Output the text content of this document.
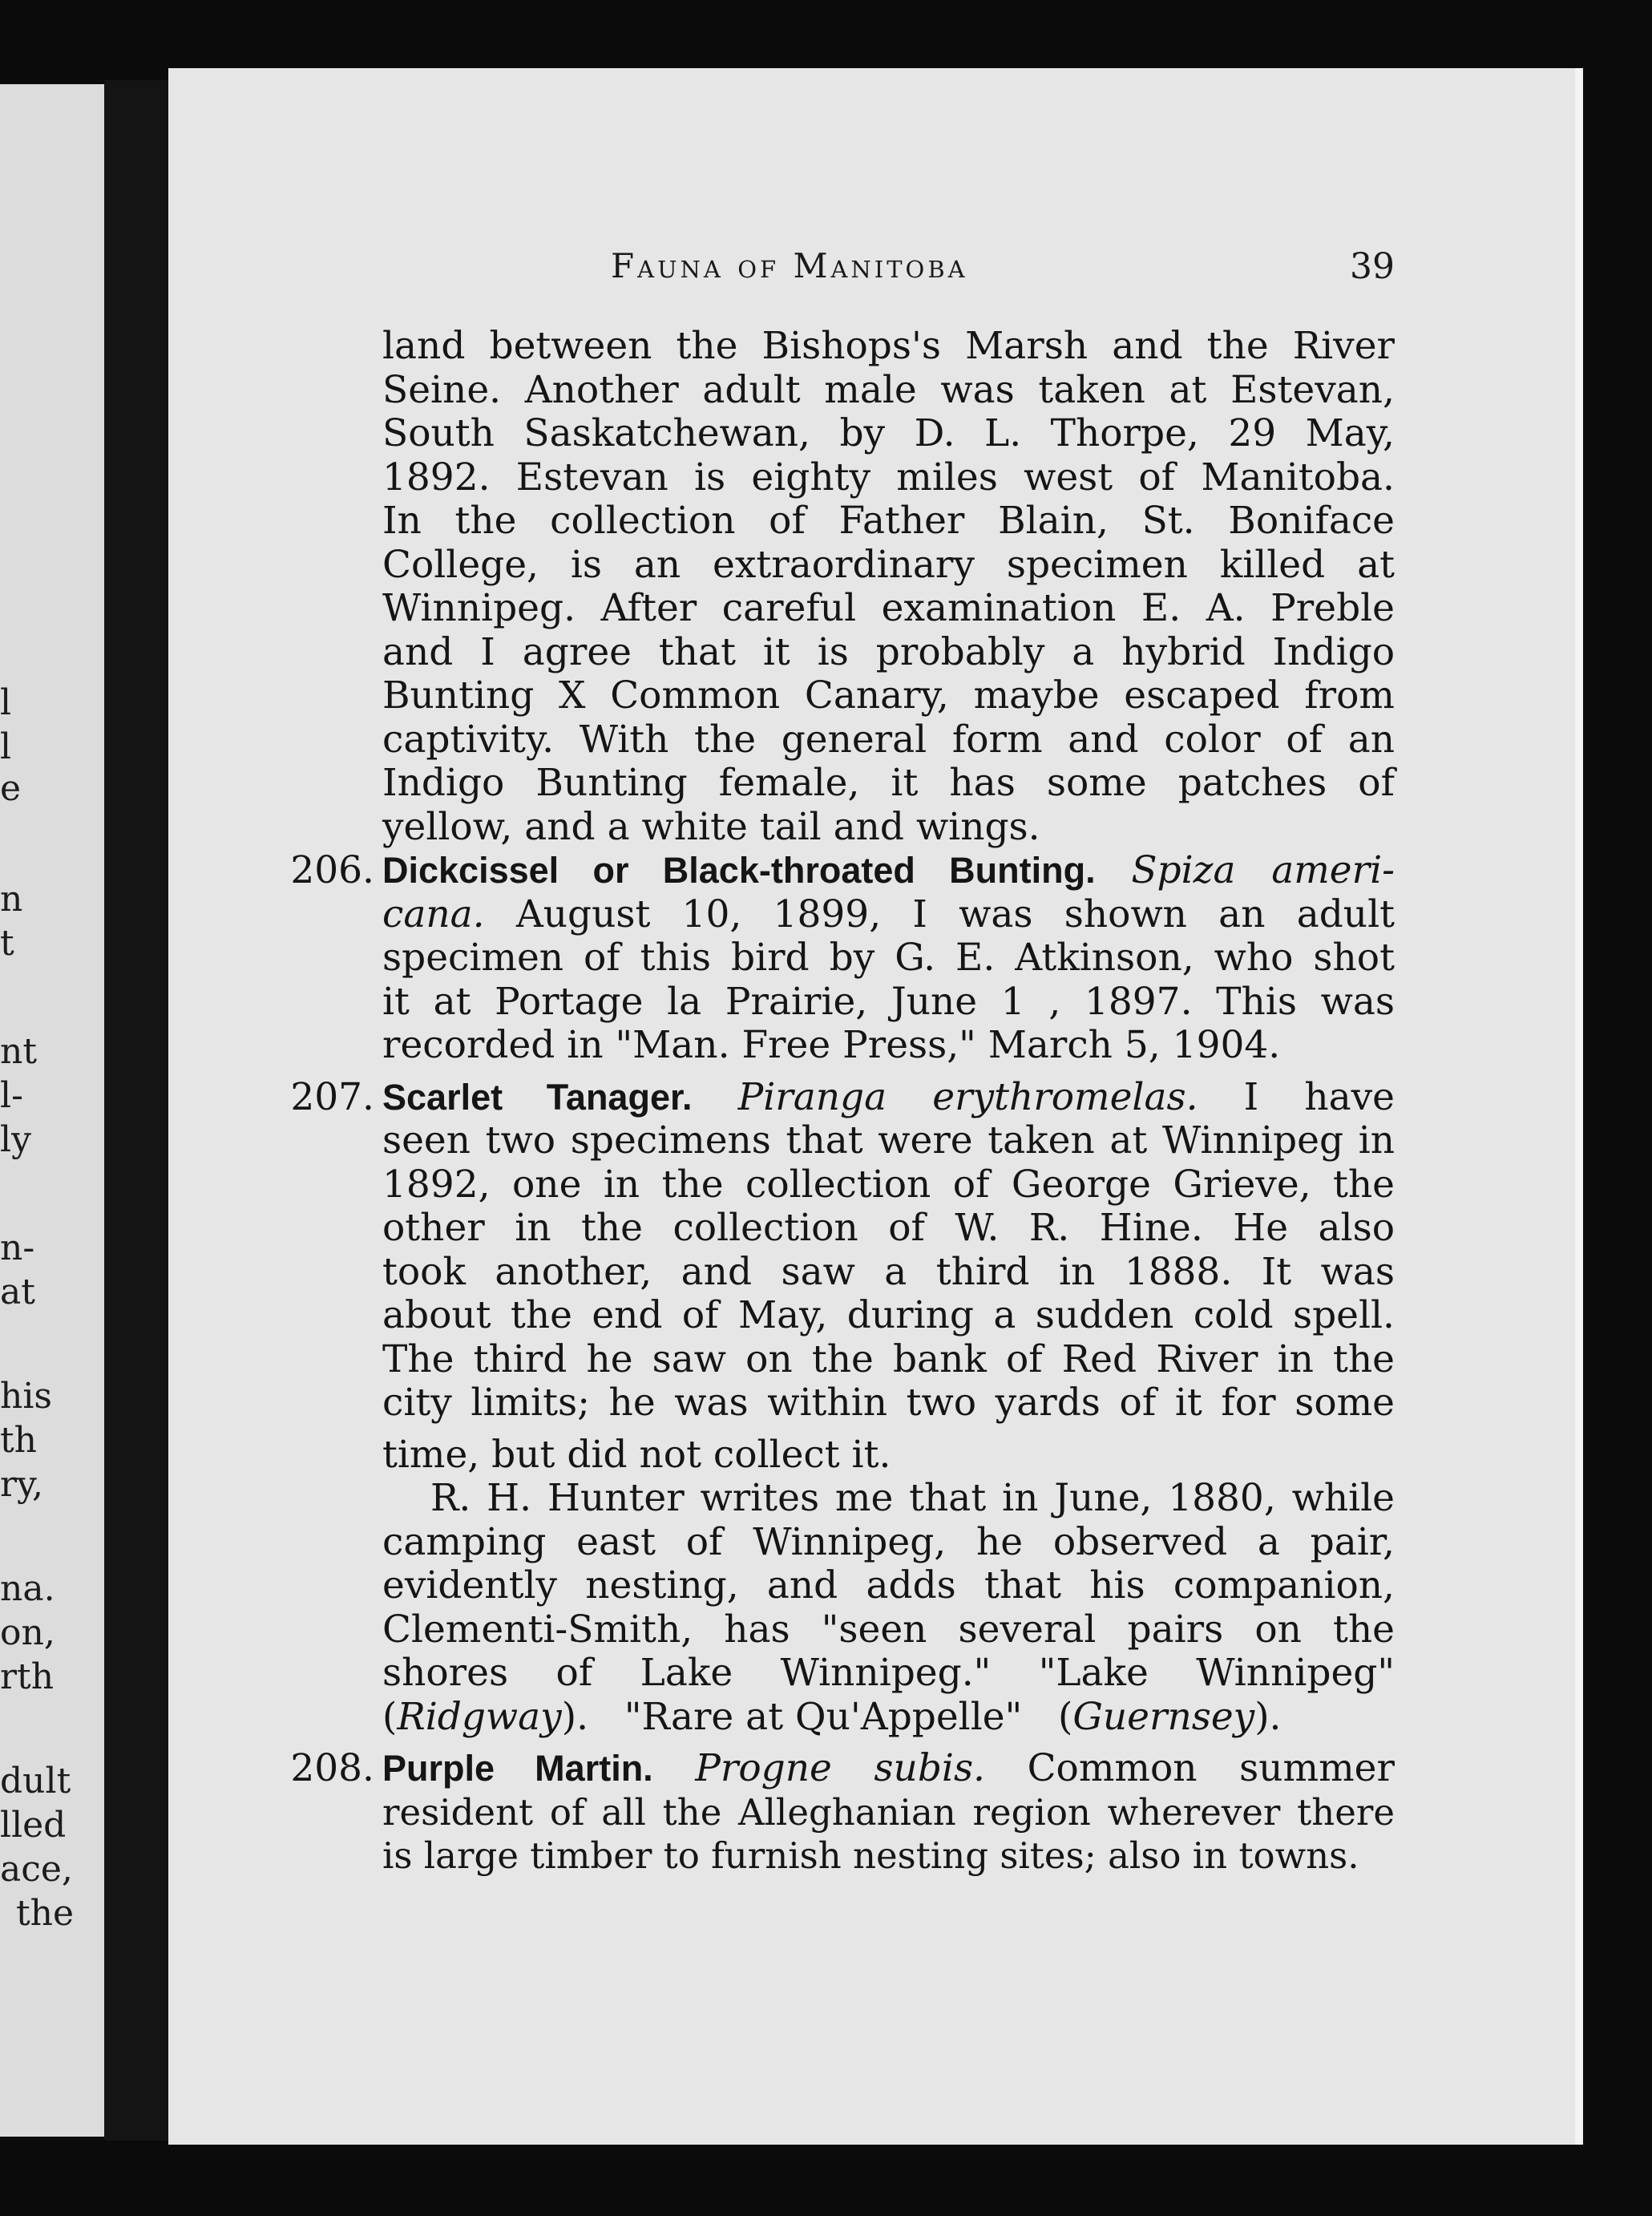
l
l
e
n
t
nt
l-
ly
n-
at
his
th
ry,
na.
on,
rth
dult
lled
ace,
the
Fauna of Manitoba	39
land between the Bishops's Marsh and the River
Seine. Another adult male was taken at Estevan,
South Saskatchewan, by D. L. Thorpe, 29 May,
1892. Estevan is eighty miles west of Manitoba.
In the collection of Father Blain, St. Boniface
College, is an extraordinary specimen killed at
Winnipeg. After careful examination E. A. Preble
and I agree that it is probably a hybrid Indigo
Bunting X Common Canary, maybe escaped from
captivity. With the general form and color of an
Indigo Bunting female, it has some patches of
yellow, and a white tail and wings.
206. Dickcissel or Black-throated Bunting. Spiza ameri-
cana. August 10, 1899, I was shown an adult
specimen of this bird by G. E. Atkinson, who shot
it at Portage la Prairie, June 1 , 1897. This was
recorded in "Man. Free Press," March 5, 1904.
207. Scarlet Tanager. Piranga erythromelas. I have
seen two specimens that were taken at Winnipeg in
1892, one in the collection of George Grieve, the
other in the collection of W. R. Hine. He also
took another, and saw a third in 1888. It was
about the end of May, during a sudden cold spell.
The third he saw on the bank of Red River in the
city limits; he was within two yards of it for some
time, but did not collect it.
R. H. Hunter writes me that in June, 1880, while
camping east of Winnipeg, he observed a pair,
evidently nesting, and adds that his companion,
Clementi-Smith, has "seen several pairs on the
shores of Lake Winnipeg." "Lake Winnipeg"
(Ridgway).   "Rare at Qu'Appelle"   (Guernsey).
208. Purple Martin. Progne subis. Common summer
resident of all the Alleghanian region wherever there
is large timber to furnish nesting sites; also in towns.
